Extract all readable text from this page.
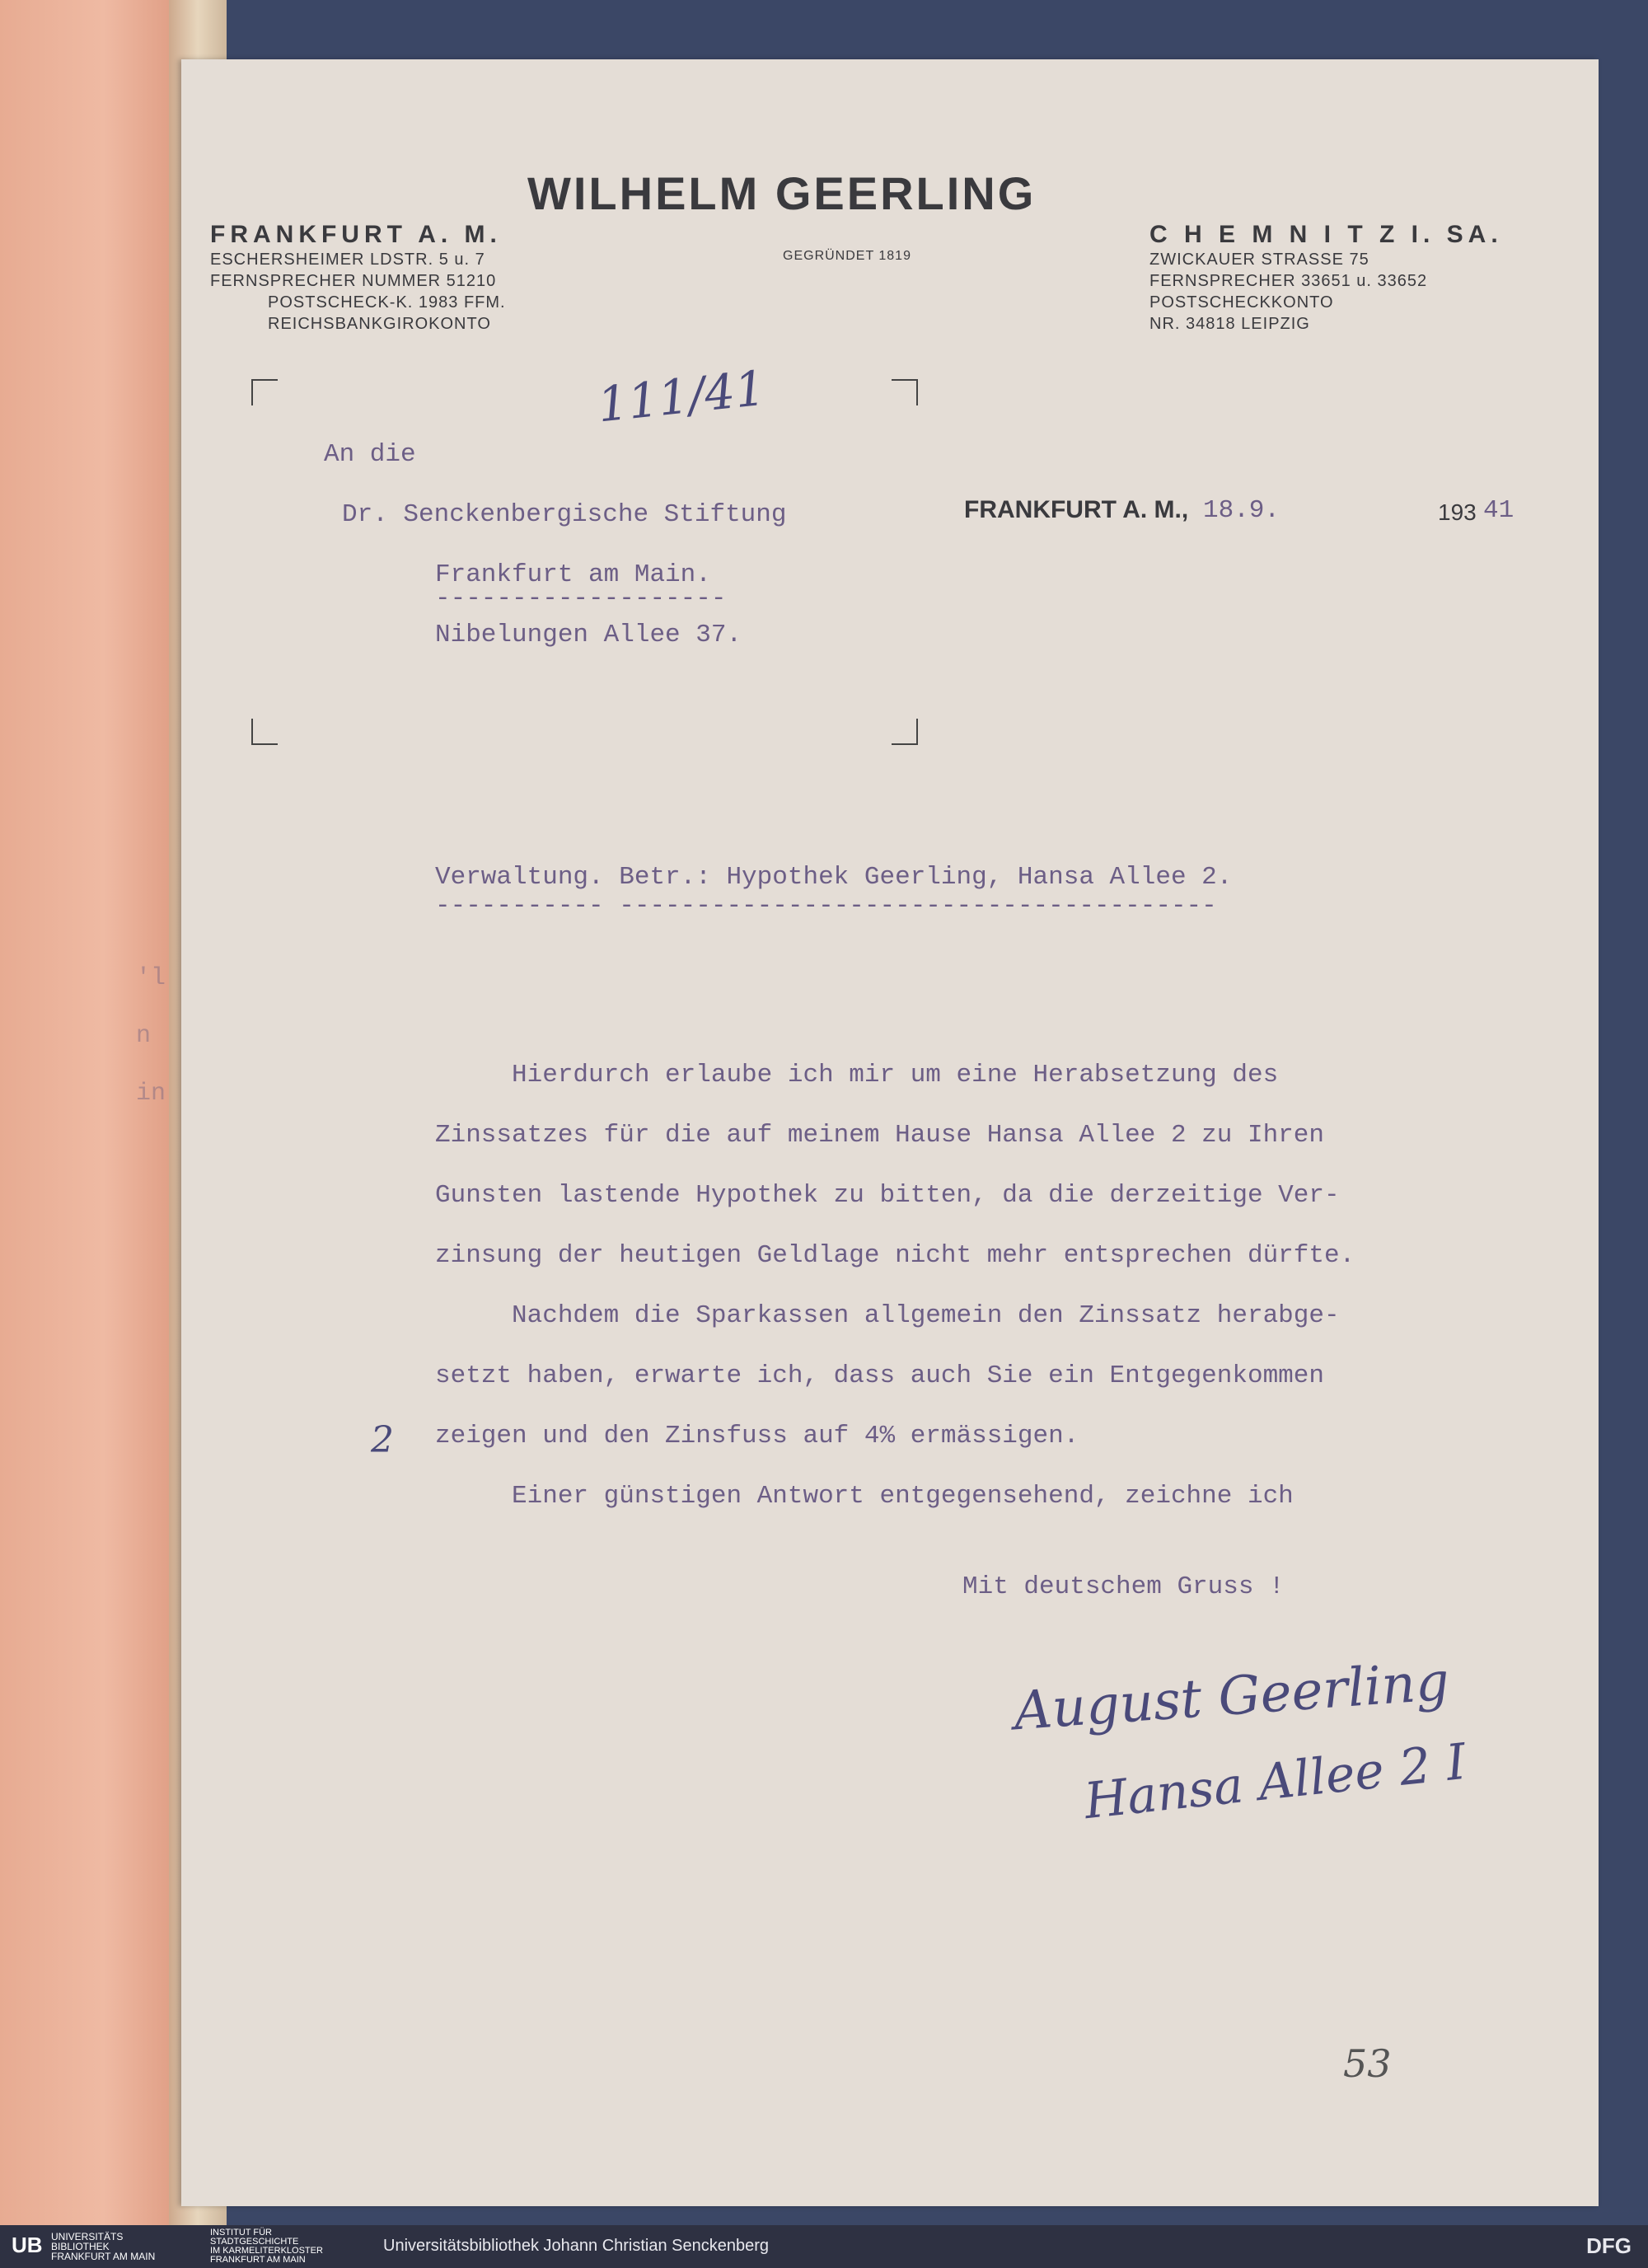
'l
n
in
WILHELM GEERLING
GEGRÜNDET 1819
FRANKFURT A. M.
ESCHERSHEIMER LDSTR. 5 u. 7
FERNSPRECHER NUMMER 51210
POSTSCHECK-K. 1983 FFM.
REICHSBANKGIROKONTO
C H E M N I T Z I. SA.
ZWICKAUER STRASSE 75
FERNSPRECHER 33651 u. 33652
POSTSCHECKKONTO
NR. 34818 LEIPZIG
111/41
An die
Dr. Senckenbergische Stiftung
Frankfurt am Main.
-------------------
Nibelungen Allee 37.
FRANKFURT A. M., 18.9.	193 41
Verwaltung. Betr.: Hypothek Geerling, Hansa Allee 2.
----------- ---------------------------------------
Hierdurch erlaube ich mir um eine Herabsetzung des
Zinssatzes für die auf meinem Hause Hansa Allee 2 zu Ihren
Gunsten lastende Hypothek zu bitten, da die derzeitige Ver-
zinsung der heutigen Geldlage nicht mehr entsprechen dürfte.
Nachdem die Sparkassen allgemein den Zinssatz herabge-
setzt haben, erwarte ich, dass auch Sie ein Entgegenkommen
zeigen und den Zinsfuss auf 4% ermässigen.
Einer günstigen Antwort entgegensehend, zeichne ich
2
Mit deutschem Gruss !
August Geerling
Hansa Allee 2 I
53
UB UNIVERSITÄTS
BIBLIOTHEK
FRANKFURT AM MAIN
INSTITUT FÜR
STADTGESCHICHTE
IM KARMELITERKLOSTER
FRANKFURT AM MAIN
Universitätsbibliothek Johann Christian Senckenberg	DFG
